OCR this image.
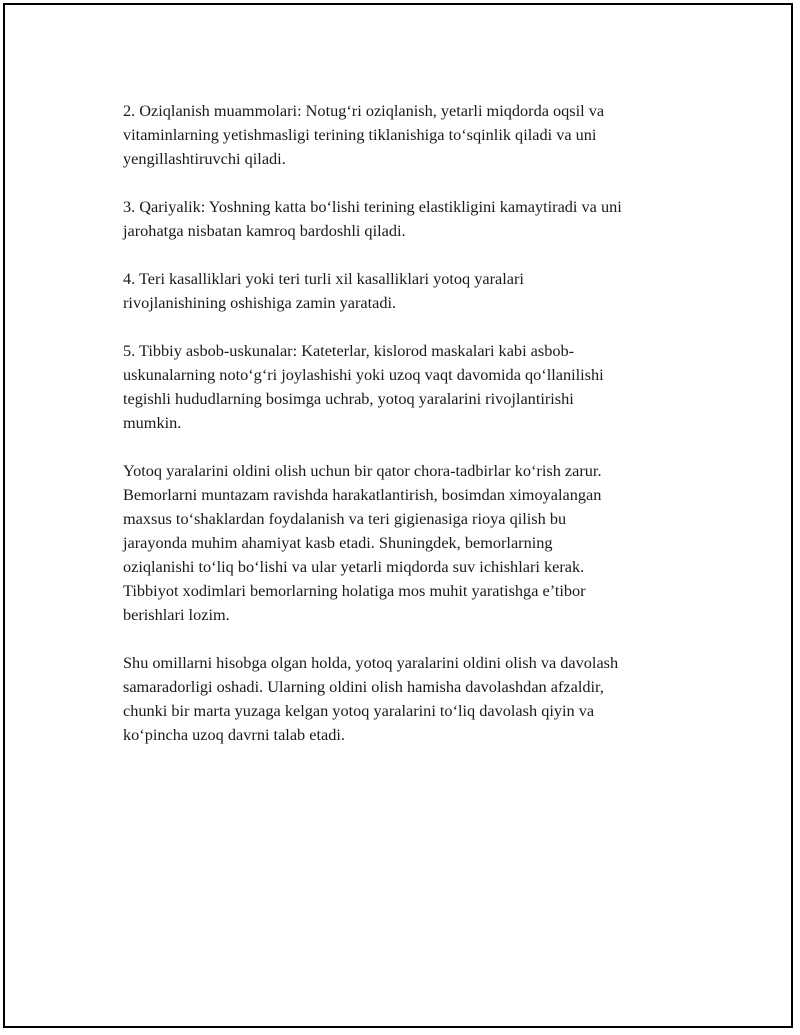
2. Oziqlanish muammolari: Notug‘ri oziqlanish, yetarli miqdorda oqsil va
vitaminlarning yetishmasligi terining tiklanishiga to‘sqinlik qiladi va uni
yengillashtiruvchi qiladi.

3. Qariyalik: Yoshning katta bo‘lishi terining elastikligini kamaytiradi va uni
jarohatga nisbatan kamroq bardoshli qiladi.

4. Teri kasalliklari yoki teri turli xil kasalliklari yotoq yaralari
rivojlanishining oshishiga zamin yaratadi.

5. Tibbiy asbob-uskunalar: Kateterlar, kislorod maskalari kabi asbob-
uskunalarning noto‘g‘ri joylashishi yoki uzoq vaqt davomida qo‘llanilishi
tegishli hududlarning bosimga uchrab, yotoq yaralarini rivojlantirishi
mumkin.

Yotoq yaralarini oldini olish uchun bir qator chora-tadbirlar ko‘rish zarur.
Bemorlarni muntazam ravishda harakatlantirish, bosimdan ximoyalangan
maxsus to‘shaklardan foydalanish va teri gigienasiga rioya qilish bu
jarayonda muhim ahamiyat kasb etadi. Shuningdek, bemorlarning
oziqlanishi to‘liq bo‘lishi va ular yetarli miqdorda suv ichishlari kerak.
Tibbiyot xodimlari bemorlarning holatiga mos muhit yaratishga e’tibor
berishlari lozim.

Shu omillarni hisobga olgan holda, yotoq yaralarini oldini olish va davolash
samaradorligi oshadi. Ularning oldini olish hamisha davolashdan afzaldir,
chunki bir marta yuzaga kelgan yotoq yaralarini to‘liq davolash qiyin va
ko‘pincha uzoq davrni talab etadi.
